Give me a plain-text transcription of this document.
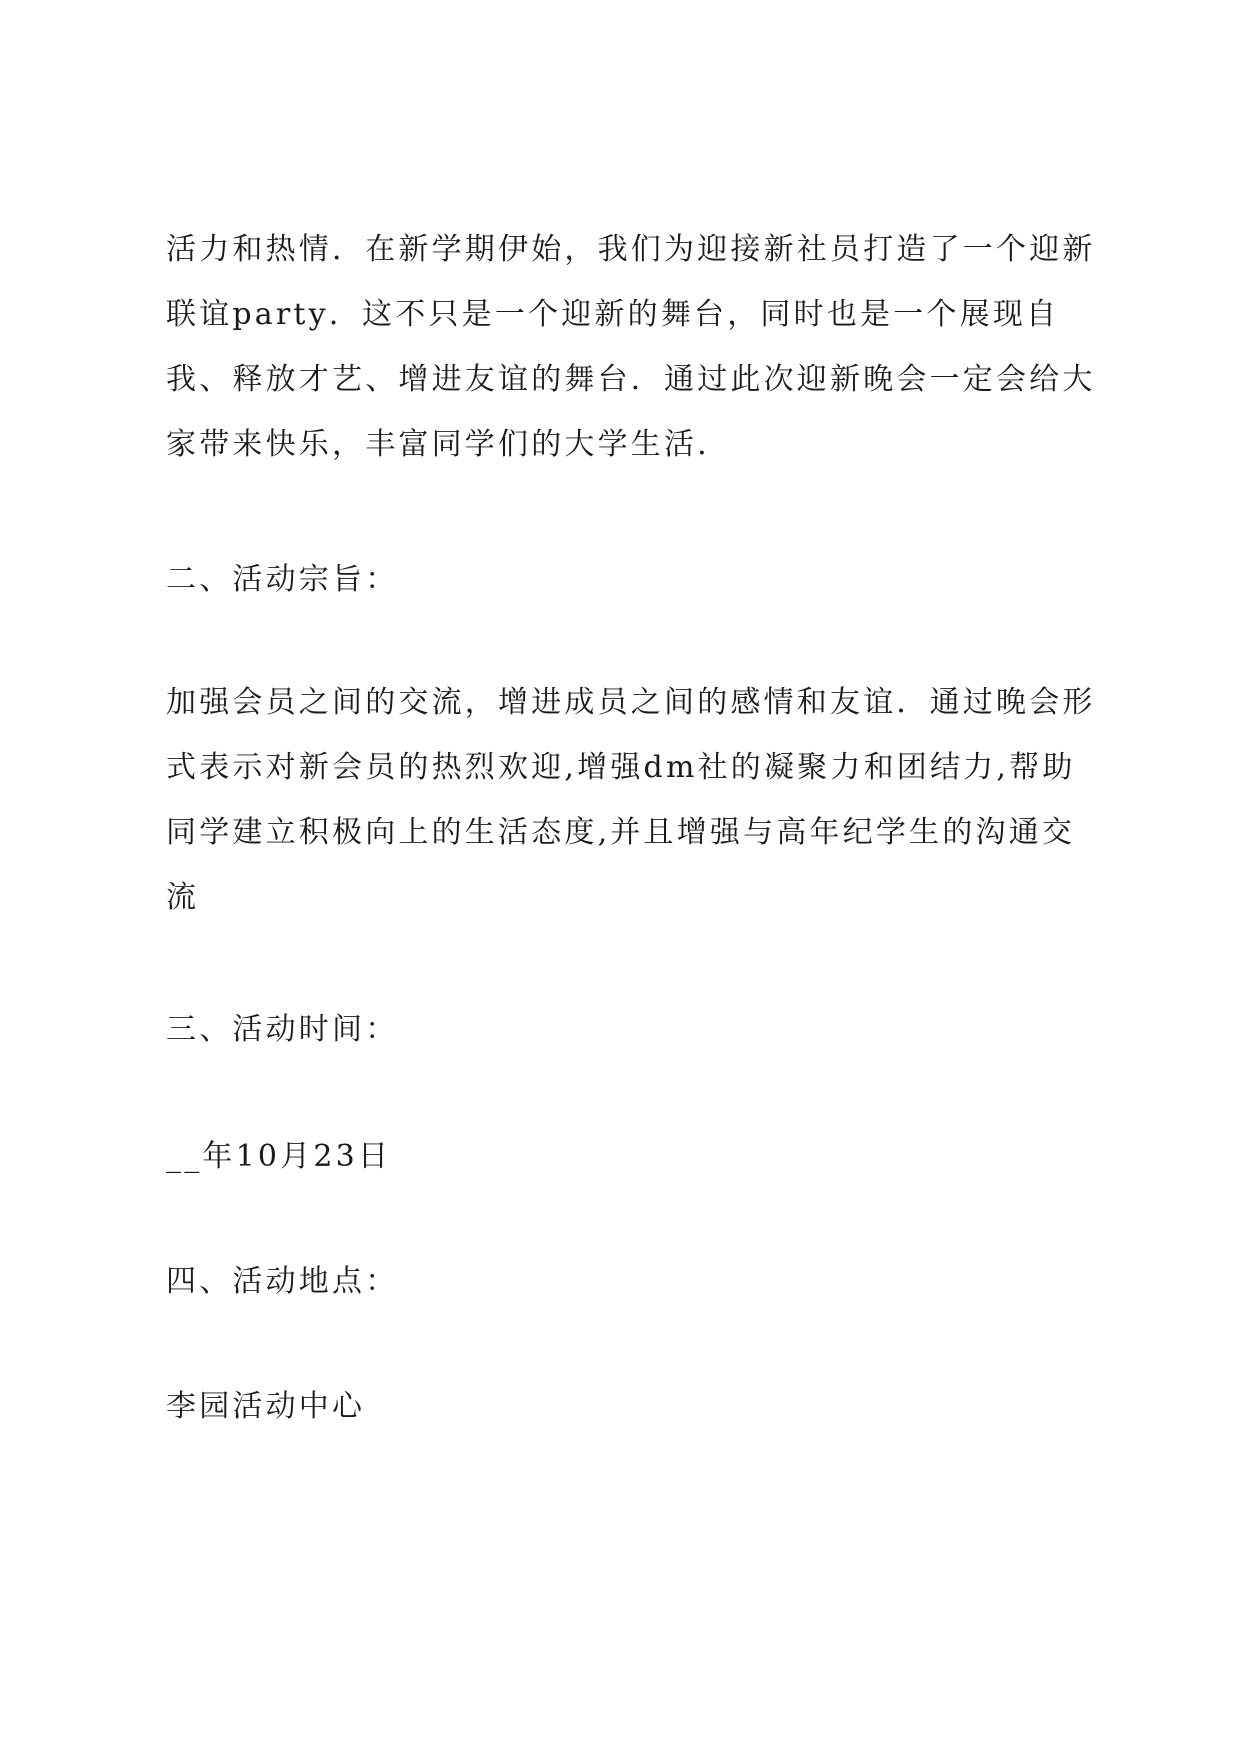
活力和热情．在新学期伊始，我们为迎接新社员打造了一个迎新
联谊party．这不只是一个迎新的舞台，同时也是一个展现自
我、释放才艺、增进友谊的舞台．通过此次迎新晚会一定会给大
家带来快乐，丰富同学们的大学生活．
二、活动宗旨：
加强会员之间的交流，增进成员之间的感情和友谊．通过晚会形
式表示对新会员的热烈欢迎,增强dm社的凝聚力和团结力,帮助
同学建立积极向上的生活态度,并且增强与高年纪学生的沟通交
流
三、活动时间：
__年10月23日
四、活动地点：
李园活动中心
